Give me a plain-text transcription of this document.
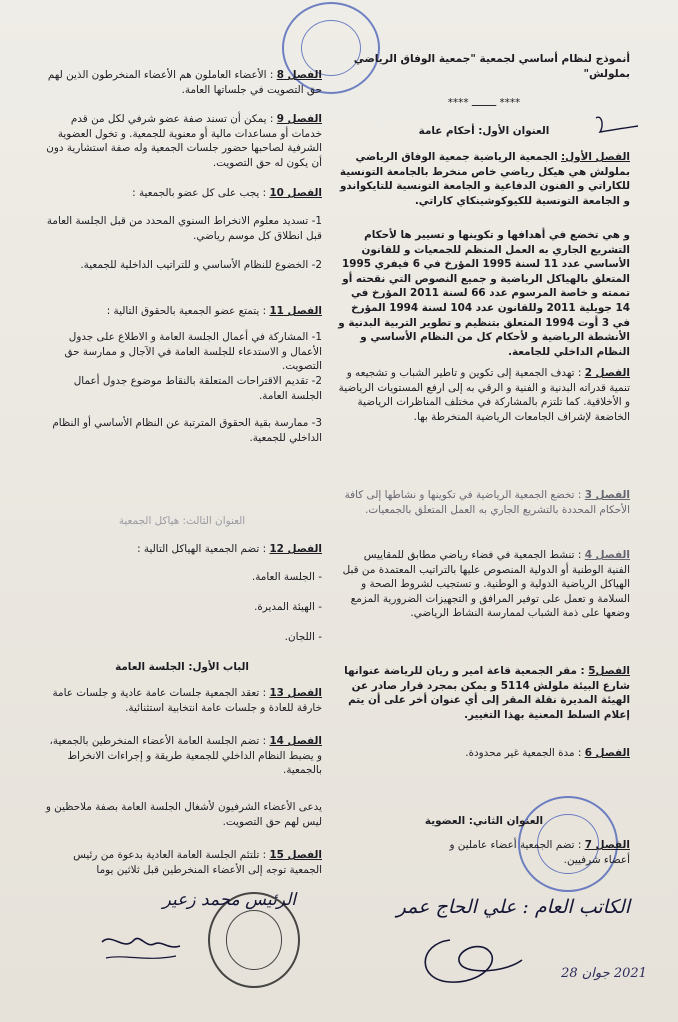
أنموذج لنظام أساسي لجمعية "جمعية الوفاق الرياضي بملولش"

**** ــــــــ ****

العنوان الأول: أحكام عامة

الفصل الأول: الجمعية الرياضية جمعية الوفاق الرياضي بملولش هي هيكل رياضي خاص منخرط بالجامعة التونسية للكاراتي و الفنون الدفاعية و الجامعة التونسية للتايكواندو و الجامعة التونسية للكيوكوشينكاي كاراتي.

و هي تخضع في أهدافها و تكوينها و تسيير ها لأحكام التشريع الجاري به العمل المنظم للجمعيات و للقانون الأساسي عدد 11 لسنة 1995 المؤرخ في 6 فيفري 1995 المتعلق بالهياكل الرياضية و جميع النصوص التي نقحته أو تممته و خاصة المرسوم عدد 66 لسنة 2011 المؤرخ في 14 جويلية 2011 وللقانون عدد 104 لسنة 1994 المؤرخ في 3 أوت 1994 المتعلق بتنظيم و تطوير التربية البدنية و الأنشطة الرياضية و لأحكام كل من النظام الأساسي و النظام الداخلي للجامعة.

الفصل 2 : تهدف الجمعية إلى تكوين و تاطير الشباب و تشجيعه و تنمية قدراته البدنية و الفنية و الرقي به إلى ارفع المستويات الرياضية و الأخلاقية. كما تلتزم بالمشاركة في مختلف المناظرات الرياضية الخاضعة لإشراف الجامعات الرياضية المنخرطة بها.

الفصل 3 : تخضع الجمعية الرياضية في تكوينها و نشاطها إلى كافة الأحكام المحددة بالتشريع الجاري به العمل المتعلق بالجمعيات.

الفصل 4 : تنشط الجمعية في فضاء رياضي مطابق للمقاييس الفنية الوطنية أو الدولية المنصوص عليها بالتراتيب المعتمدة من قبل الهياكل الرياضية الدولية و الوطنية. و تستجيب لشروط الصحة و السلامة و تعمل على توفير المرافق و التجهيزات الضرورية المزمع وضعها على ذمة الشباب لممارسة النشاط الرياضي.

الفصل5 : مقر الجمعية قاعة امير و ريان للرياضة عنوانها شارع البيئة ملولش 5114 و يمكن بمجرد قرار صادر عن الهيئة المديرة نقلة المقر إلى أي عنوان أخر على أن يتم إعلام السلط المعنية بهذا التغيير.

الفصل 6 : مدة الجمعية غير محدودة.

العنوان الثاني: العضوية

الفصل 7 : تضم الجمعية أعضاء عاملين و أعضاء شرفيين.

الفصل 8 : الأعضاء العاملون هم الأعضاء المنخرطون الذين لهم حق التصويت في جلساتها العامة.

الفصل 9 : يمكن أن تسند صفة عضو شرفي لكل من قدم خدمات أو مساعدات مالية أو معنوية للجمعية. و تخول العضوية الشرفية لصاحبها حضور جلسات الجمعية وله صفة استشارية دون أن يكون له حق التصويت.

الفصل 10 : يجب على كل عضو بالجمعية :

1- تسديد معلوم الانخراط السنوي المحدد من قبل الجلسة العامة قبل انطلاق كل موسم رياضي.

2- الخضوع للنظام الأساسي و للتراتيب الداخلية للجمعية.

الفصل 11 : يتمتع عضو الجمعية بالحقوق التالية :

1- المشاركة في أعمال الجلسة العامة و الاطلاع على جدول الأعمال و الاستدعاء للجلسة العامة في الآجال و ممارسة حق التصويت.

2- تقديم الاقتراحات المتعلقة بالنقاط موضوع جدول أعمال الجلسة العامة.

3- ممارسة بقية الحقوق المترتبة عن النظام الأساسي أو النظام الداخلي للجمعية.

العنوان الثالث: هياكل الجمعية

الفصل 12 : تضم الجمعية الهياكل التالية :

- الجلسة العامة.

- الهيئة المديرة.

- اللجان.

الباب الأول: الجلسة العامة

الفصل 13 : تعقد الجمعية جلسات عامة عادية و جلسات عامة خارقة للعادة و جلسات عامة انتخابية استثنائية.

الفصل 14 : تضم الجلسة العامة الأعضاء المنخرطين بالجمعية، و يضبط النظام الداخلي للجمعية طريقة و إجراءات الانخراط بالجمعية.

يدعى الأعضاء الشرفيون لأشغال الجلسة العامة بصفة ملاحظين و ليس لهم حق التصويت.

الفصل 15 : تلتئم الجلسة العامة العادية بدعوة من رئيس الجمعية توجه إلى الأعضاء المنخرطين قبل ثلاثين يوما

الرئيس محمد زعير	الكاتب العام : علي الحاج عمر
2021 جوان 28
